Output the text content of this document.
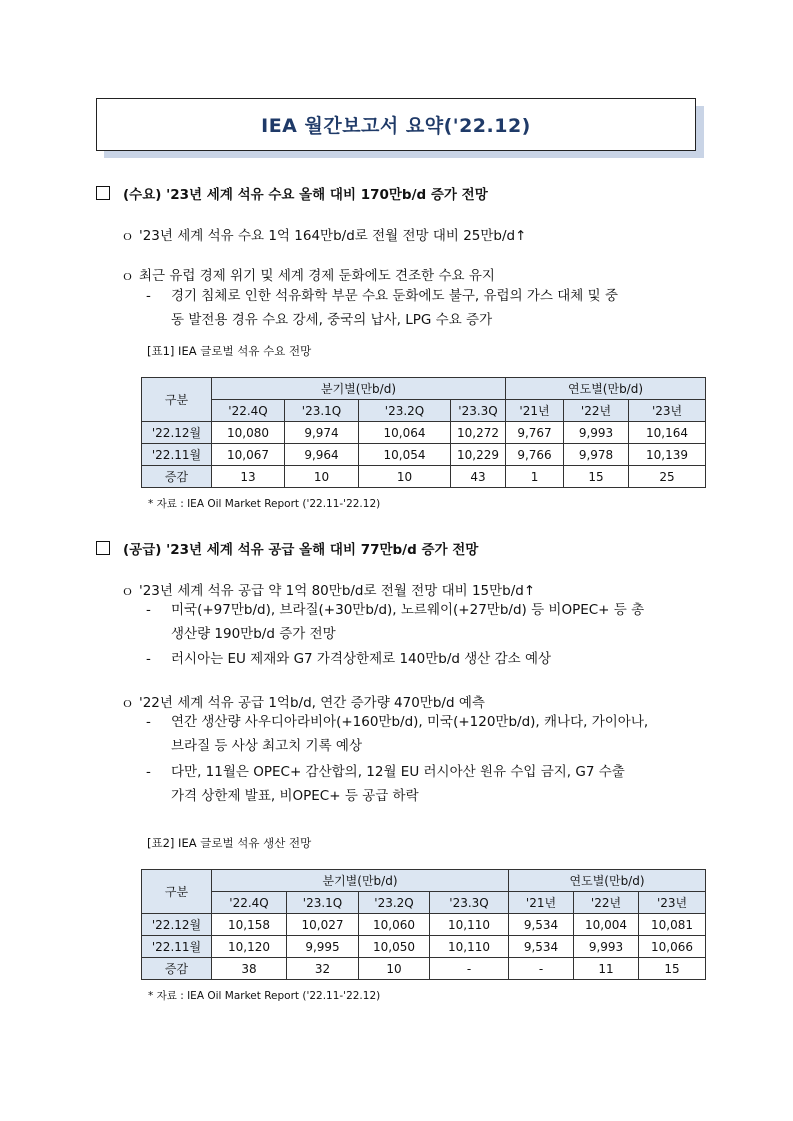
IEA 월간보고서 요약('22.12)
(수요) '23년 세계 석유 수요 올해 대비 170만b/d 증가 전망
ｏ '23년 세계 석유 수요 1억 164만b/d로 전월 전망 대비 25만b/d↑
ｏ 최근 유럽 경제 위기 및 세계 경제 둔화에도 견조한 수요 유지
- 경기 침체로 인한 석유화학 부문 수요 둔화에도 불구, 유럽의 가스 대체 및 중
동 발전용 경유 수요 강세, 중국의 납사, LPG 수요 증가
[표1] IEA 글로벌 석유 수요 전망
구분	분기별(만b/d)				연도별(만b/d)		
	'22.4Q	'23.1Q	'23.2Q	'23.3Q	'21년	'22년	'23년
'22.12월	10,080	9,974	10,064	10,272	9,767	9,993	10,164
'22.11월	10,067	9,964	10,054	10,229	9,766	9,978	10,139
증감	13	10	10	43	1	15	25
* 자료 : IEA Oil Market Report ('22.11-'22.12)
(공급) '23년 세계 석유 공급 올해 대비 77만b/d 증가 전망
ｏ '23년 세계 석유 공급 약 1억 80만b/d로 전월 전망 대비 15만b/d↑
- 미국(+97만b/d), 브라질(+30만b/d), 노르웨이(+27만b/d) 등 비OPEC+ 등 총
생산량 190만b/d 증가 전망
- 러시아는 EU 제재와 G7 가격상한제로 140만b/d 생산 감소 예상
ｏ '22년 세계 석유 공급 1억b/d, 연간 증가량 470만b/d 예측
- 연간 생산량 사우디아라비아(+160만b/d), 미국(+120만b/d), 캐나다, 가이아나,
브라질 등 사상 최고치 기록 예상
- 다만, 11월은 OPEC+ 감산합의, 12월 EU 러시아산 원유 수입 금지, G7 수출
가격 상한제 발표, 비OPEC+ 등 공급 하락
[표2] IEA 글로벌 석유 생산 전망
구분	분기별(만b/d)				연도별(만b/d)		
	'22.4Q	'23.1Q	'23.2Q	'23.3Q	'21년	'22년	'23년
'22.12월	10,158	10,027	10,060	10,110	9,534	10,004	10,081
'22.11월	10,120	9,995	10,050	10,110	9,534	9,993	10,066
증감	38	32	10	-	-	11	15
* 자료 : IEA Oil Market Report ('22.11-'22.12)
